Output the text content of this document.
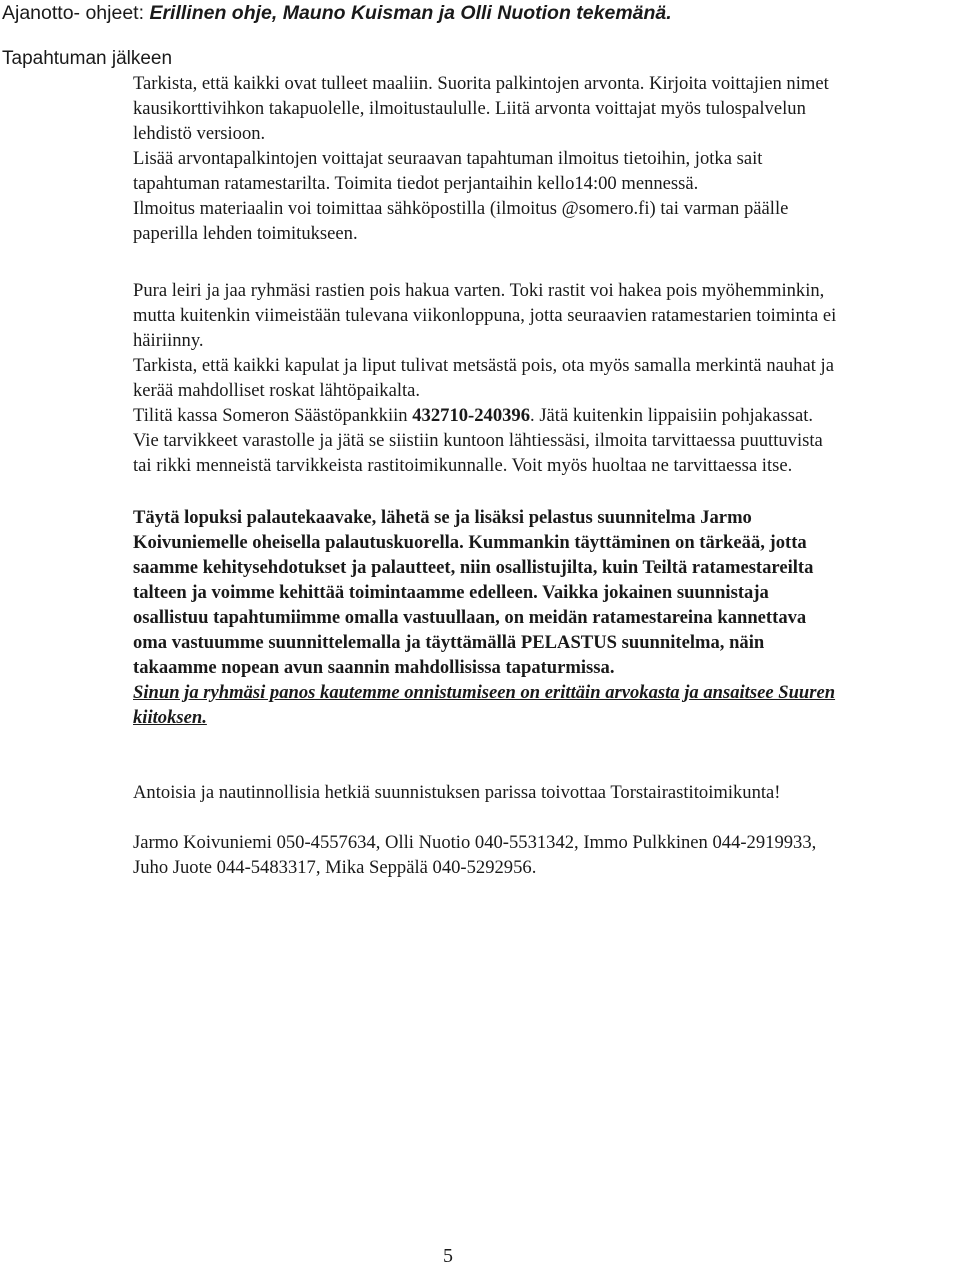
Ajanotto- ohjeet: Erillinen ohje, Mauno Kuisman ja Olli Nuotion tekemänä.

Tapahtuman jälkeen

Tarkista, että kaikki ovat tulleet maaliin. Suorita palkintojen arvonta. Kirjoita voittajien nimet

kausikorttivihkon takapuolelle, ilmoitustaululle. Liitä arvonta voittajat myös tulospalvelun

lehdistö versioon.

Lisää arvontapalkintojen voittajat seuraavan tapahtuman ilmoitus tietoihin, jotka sait

tapahtuman ratamestarilta. Toimita tiedot perjantaihin kello14:00 mennessä.

Ilmoitus materiaalin voi toimittaa sähköpostilla (ilmoitus @somero.fi) tai varman päälle

paperilla lehden toimitukseen.

Pura leiri ja jaa ryhmäsi rastien pois hakua varten. Toki rastit voi hakea pois myöhemminkin,

mutta kuitenkin viimeistään tulevana viikonloppuna, jotta seuraavien ratamestarien toiminta ei

häiriinny.

Tarkista, että kaikki kapulat ja liput tulivat metsästä pois, ota myös samalla merkintä nauhat ja

kerää mahdolliset roskat lähtöpaikalta.

Tilitä kassa Someron Säästöpankkiin 432710-240396. Jätä kuitenkin lippaisiin pohjakassat.

Vie tarvikkeet varastolle ja jätä se siistiin kuntoon lähtiessäsi, ilmoita tarvittaessa puuttuvista

tai rikki menneistä tarvikkeista rastitoimikunnalle. Voit myös huoltaa ne tarvittaessa itse.

Täytä lopuksi palautekaavake, lähetä se ja lisäksi pelastus suunnitelma Jarmo

Koivuniemelle oheisella palautuskuorella. Kummankin täyttäminen on tärkeää, jotta

saamme kehitysehdotukset ja palautteet, niin osallistujilta, kuin Teiltä ratamestareilta

talteen ja voimme kehittää toimintaamme edelleen. Vaikka jokainen suunnistaja

osallistuu tapahtumiimme omalla vastuullaan, on meidän ratamestareina kannettava

oma vastuumme suunnittelemalla ja täyttämällä PELASTUS suunnitelma, näin

takaamme nopean avun saannin mahdollisissa tapaturmissa.

Sinun ja ryhmäsi panos kautemme onnistumiseen on erittäin arvokasta ja ansaitsee Suuren

kiitoksen.

Antoisia ja nautinnollisia hetkiä suunnistuksen parissa toivottaa Torstairastitoimikunta!

Jarmo Koivuniemi 050-4557634, Olli Nuotio 040-5531342, Immo Pulkkinen 044-2919933,

Juho Juote 044-5483317, Mika Seppälä 040-5292956.

5
